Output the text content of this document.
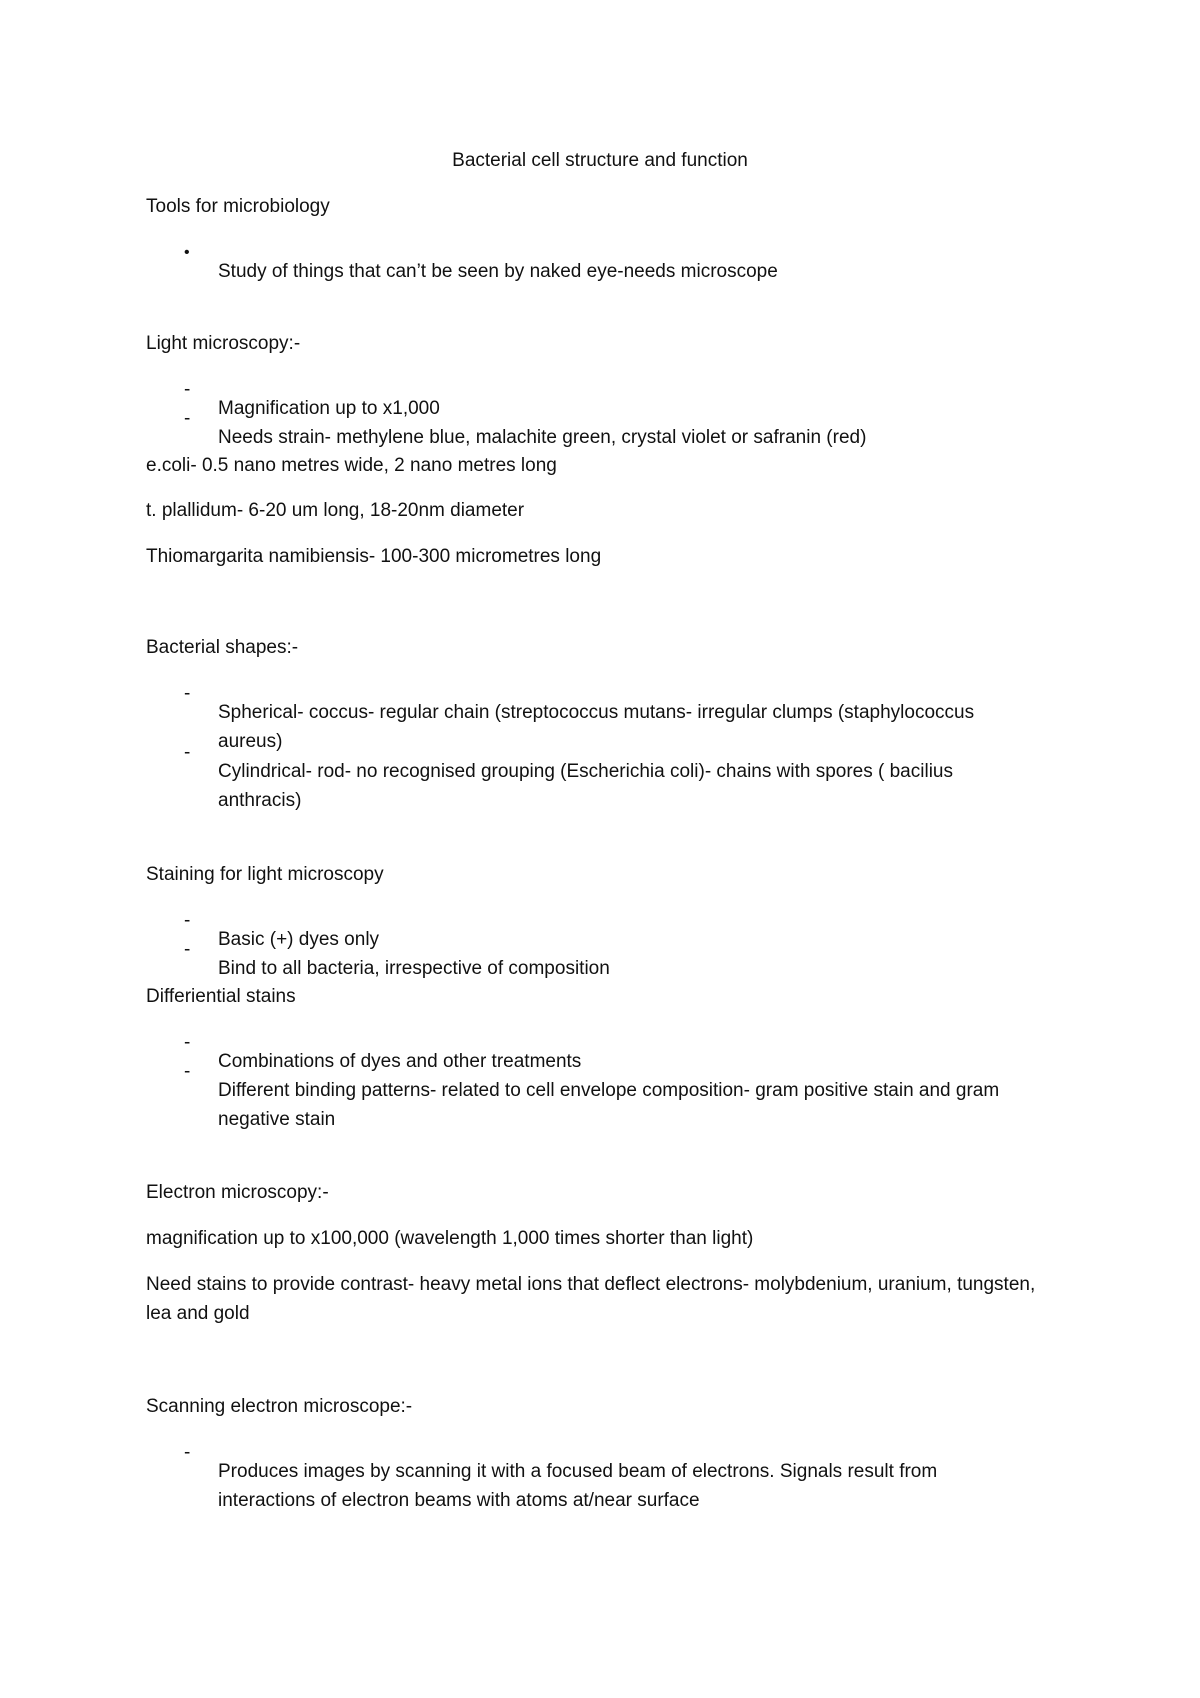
Bacterial cell structure and function

Tools for microbiology

•

Study of things that can’t be seen by naked eye-needs microscope

Light microscopy:-

-

Magnification up to x1,000

-

Needs strain- methylene blue, malachite green, crystal violet or safranin (red)

e.coli- 0.5 nano metres wide, 2 nano metres long

t. plallidum- 6-20 um long, 18-20nm diameter

Thiomargarita namibiensis- 100-300 micrometres long

Bacterial shapes:-

-

Spherical- coccus- regular chain (streptococcus mutans- irregular clumps (staphylococcus aureus)

-

Cylindrical- rod- no recognised grouping (Escherichia coli)- chains with spores ( bacilius anthracis)

Staining for light microscopy

-

Basic (+) dyes only

-

Bind to all bacteria, irrespective of composition

Differiential stains

-

Combinations of dyes and other treatments

-

Different binding patterns- related to cell envelope composition- gram positive stain and gram negative stain

Electron microscopy:-

magnification up to x100,000 (wavelength 1,000 times shorter than light)

Need stains to provide contrast- heavy metal ions that deflect electrons- molybdenium, uranium, tungsten, lea and gold

Scanning electron microscope:-

-

Produces images by scanning it with a focused beam of electrons. Signals result from interactions of electron beams with atoms at/near surface
